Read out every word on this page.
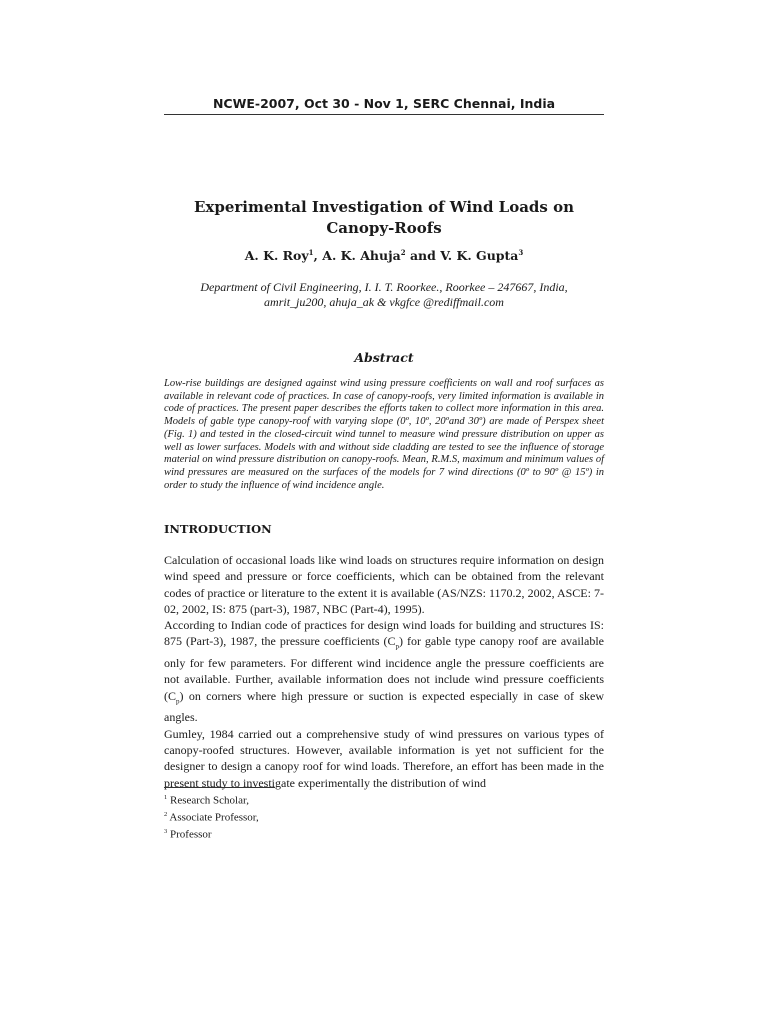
NCWE-2007, Oct 30 - Nov 1, SERC Chennai, India
Experimental Investigation of Wind Loads on
Canopy-Roofs
A. K. Roy$^1$, A. K. Ahuja$^2$ and V. K. Gupta$^3$
Department of Civil Engineering, I. I. T. Roorkee., Roorkee – 247667, India,
amrit_ju200, ahuja_ak & vkgfce @rediffmail.com
Abstract
Low-rise buildings are designed against wind using pressure coefficients on wall and roof surfaces as available in relevant code of practices. In case of canopy-roofs, very limited information is available in code of practices. The present paper describes the efforts taken to collect more information in this area. Models of gable type canopy-roof with varying slope (0º, 10º, 20ºand 30º) are made of Perspex sheet (Fig. 1) and tested in the closed-circuit wind tunnel to measure wind pressure distribution on upper as well as lower surfaces. Models with and without side cladding are tested to see the influence of storage material on wind pressure distribution on canopy-roofs. Mean, R.M.S, maximum and minimum values of wind pressures are measured on the surfaces of the models for 7 wind directions (0º to 90º @ 15º) in order to study the influence of wind incidence angle.
INTRODUCTION

Calculation of occasional loads like wind loads on structures require information on design wind speed and pressure or force coefficients, which can be obtained from the relevant codes of practice or literature to the extent it is available (AS/NZS: 1170.2, 2002, ASCE: 7-02, 2002, IS: 875 (part-3), 1987, NBC (Part-4), 1995).

According to Indian code of practices for design wind loads for building and structures IS: 875 (Part-3), 1987, the pressure coefficients $(C_p)$ for gable type canopy roof are available only for few parameters. For different wind incidence angle the pressure coefficients are not available. Further, available information does not include wind pressure coefficients $(C_p)$ on corners where high pressure or suction is expected especially in case of skew angles.

Gumley, 1984 carried out a comprehensive study of wind pressures on various types of canopy-roofed structures. However, available information is yet not sufficient for the designer to design a canopy roof for wind loads. Therefore, an effort has been made in the present study to investigate experimentally the distribution of wind

$^1$ Research Scholar,
$^2$ Associate Professor,
$^3$ Professor
